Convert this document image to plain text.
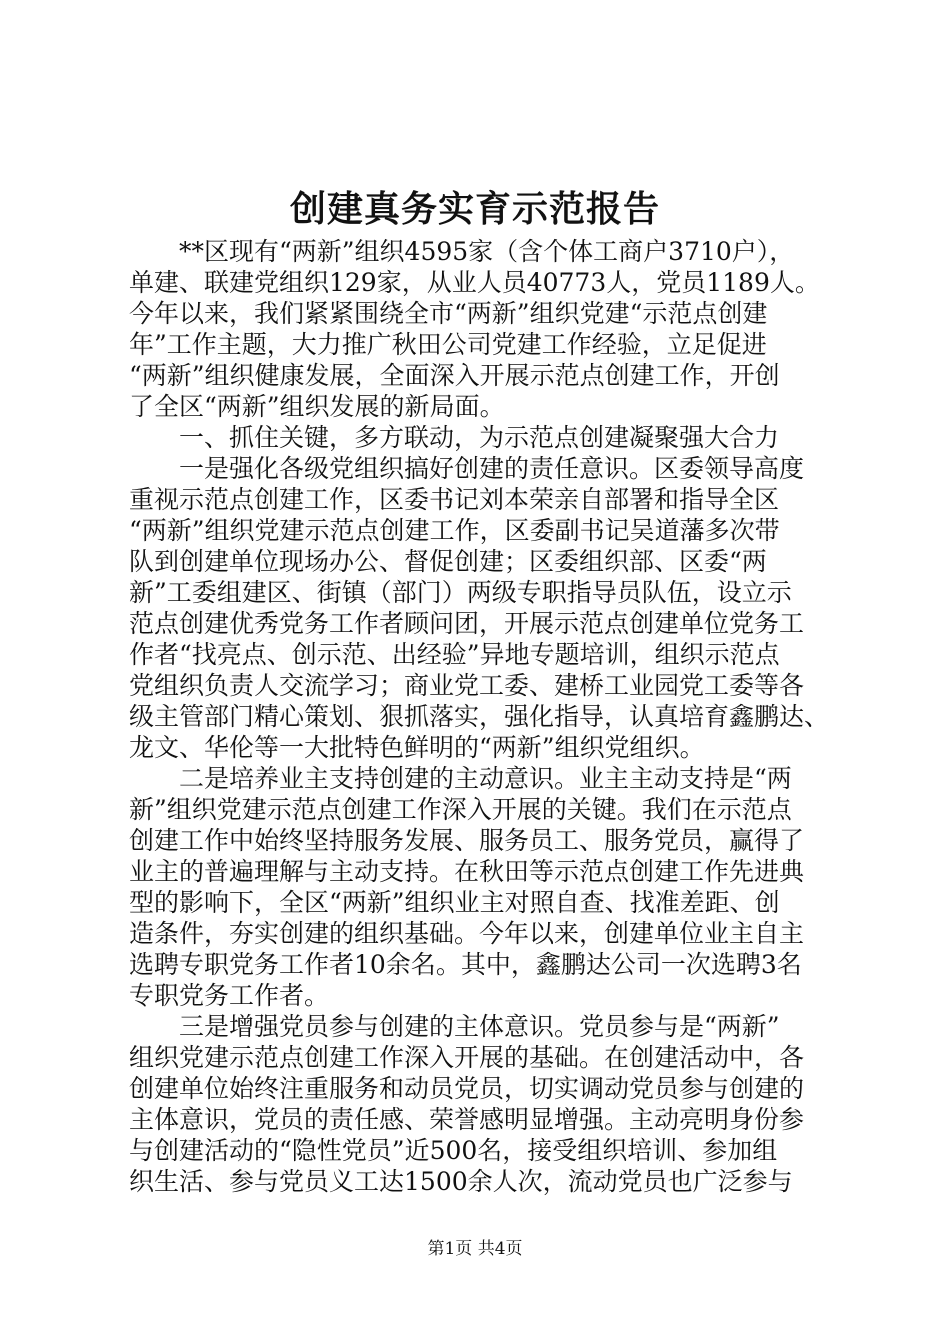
创建真务实育示范报告
　　**区现有“两新”组织4595家（含个体工商户3710户），
单建、联建党组织129家，从业人员40773人，党员1189人。
今年以来，我们紧紧围绕全市“两新”组织党建“示范点创建
年”工作主题，大力推广秋田公司党建工作经验，立足促进
“两新”组织健康发展，全面深入开展示范点创建工作，开创
了全区“两新”组织发展的新局面。
　　一、抓住关键，多方联动，为示范点创建凝聚强大合力
　　一是强化各级党组织搞好创建的责任意识。区委领导高度
重视示范点创建工作，区委书记刘本荣亲自部署和指导全区
“两新”组织党建示范点创建工作，区委副书记吴道藩多次带
队到创建单位现场办公、督促创建；区委组织部、区委“两
新”工委组建区、街镇（部门）两级专职指导员队伍，设立示
范点创建优秀党务工作者顾问团，开展示范点创建单位党务工
作者“找亮点、创示范、出经验”异地专题培训，组织示范点
党组织负责人交流学习；商业党工委、建桥工业园党工委等各
级主管部门精心策划、狠抓落实，强化指导，认真培育鑫鹏达、
龙文、华伦等一大批特色鲜明的“两新”组织党组织。
　　二是培养业主支持创建的主动意识。业主主动支持是“两
新”组织党建示范点创建工作深入开展的关键。我们在示范点
创建工作中始终坚持服务发展、服务员工、服务党员，赢得了
业主的普遍理解与主动支持。在秋田等示范点创建工作先进典
型的影响下，全区“两新”组织业主对照自查、找准差距、创
造条件，夯实创建的组织基础。今年以来，创建单位业主自主
选聘专职党务工作者10余名。其中，鑫鹏达公司一次选聘3名
专职党务工作者。
　　三是增强党员参与创建的主体意识。党员参与是“两新”
组织党建示范点创建工作深入开展的基础。在创建活动中，各
创建单位始终注重服务和动员党员，切实调动党员参与创建的
主体意识，党员的责任感、荣誉感明显增强。主动亮明身份参
与创建活动的“隐性党员”近500名，接受组织培训、参加组
织生活、参与党员义工达1500余人次，流动党员也广泛参与
第1页 共4页
